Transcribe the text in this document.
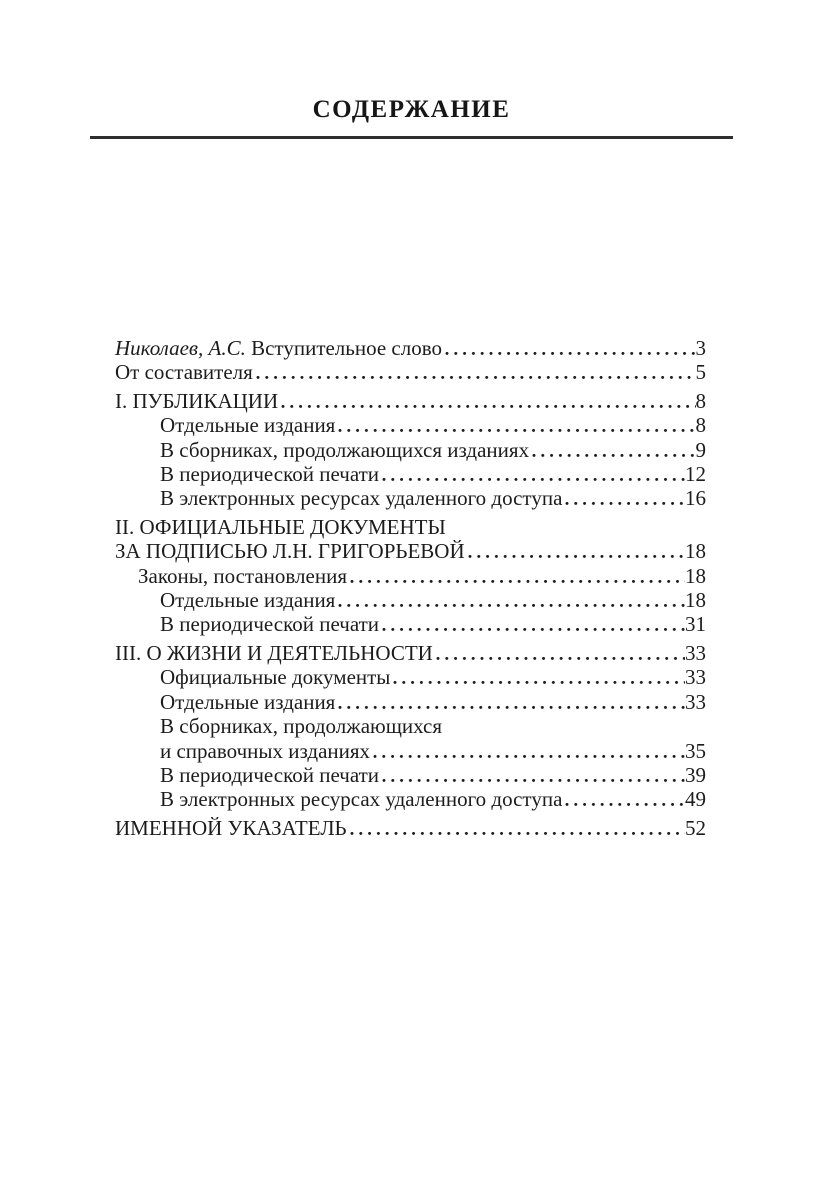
СОДЕРЖАНИЕ
Николаев, А.С. Вступительное слово	3
От составителя	5
I. ПУБЛИКАЦИИ	8
Отдельные издания	8
В сборниках, продолжающихся изданиях	9
В периодической печати	12
В электронных ресурсах удаленного доступа	16
II. ОФИЦИАЛЬНЫЕ ДОКУМЕНТЫ
ЗА ПОДПИСЬЮ Л.Н. ГРИГОРЬЕВОЙ	18
Законы, постановления	18
Отдельные издания	18
В периодической печати	31
III. О ЖИЗНИ И ДЕЯТЕЛЬНОСТИ	33
Официальные документы	33
Отдельные издания	33
В сборниках, продолжающихся
и справочных изданиях	35
В периодической печати	39
В электронных ресурсах удаленного доступа	49
ИМЕННОЙ УКАЗАТЕЛЬ	52
